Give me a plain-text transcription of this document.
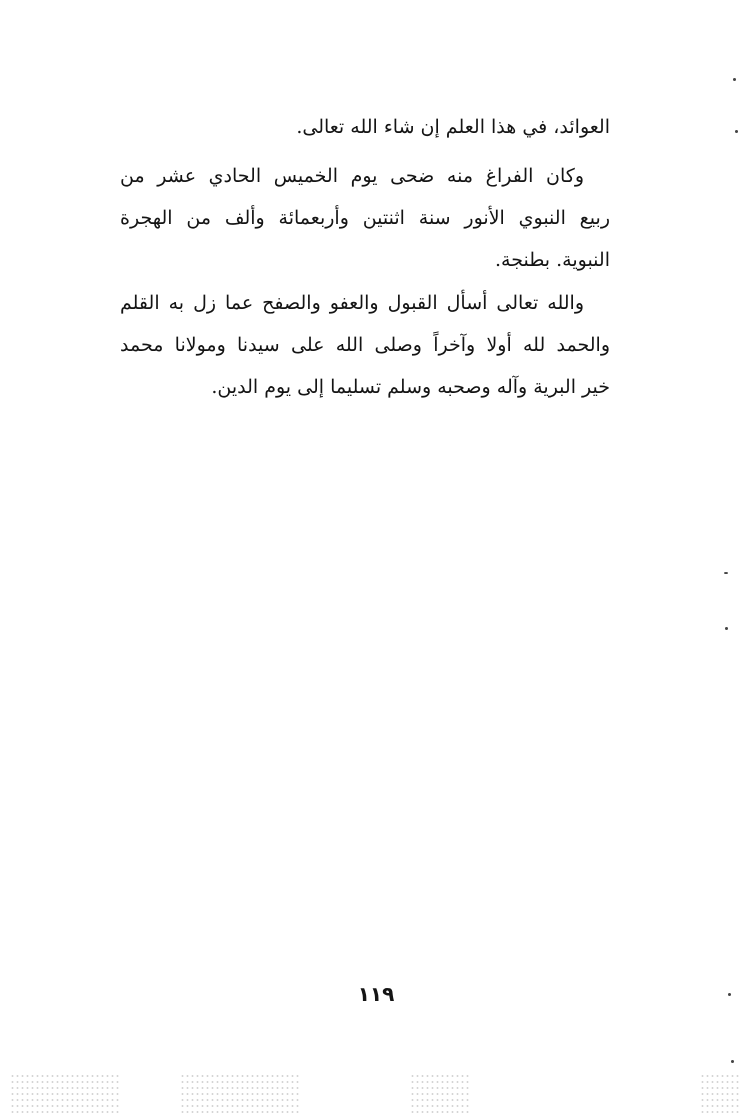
العوائد، في هذا العلم إن شاء الله تعالى.
وكان الفراغ منه ضحى يوم الخميس الحادي عشر من
ربيع النبوي الأنور سنة اثنتين وأربعمائة وألف من الهجرة
النبوية. بطنجة.
والله تعالى أسأل القبول والعفو والصفح عما زل به القلم
والحمد لله أولا وآخراً وصلى الله على سيدنا ومولانا محمد
خير البرية وآله وصحبه وسلم تسليما إلى يوم الدين.
١١٩
